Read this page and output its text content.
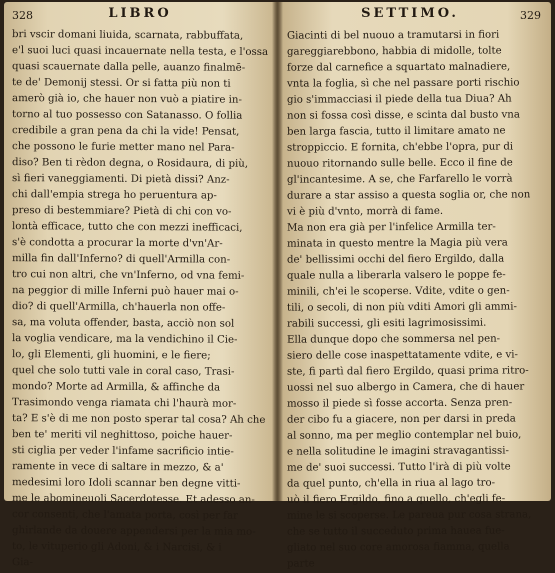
328	LIBRO
bri vscir domani liuida, scarnata, rabbuffata,
e'l suoi luci quasi incauernate nella testa, e l'ossa
quasi scauernate dalla pelle, auanzo finalmē-
te de' Demonij stessi. Or si fatta più non ti
amerò già io, che hauer non vuò a piatire in-
torno al tuo possesso con Satanasso. O follia
credibile a gran pena da chi la vide! Pensat,
che possono le furie metter mano nel Para-
diso? Ben ti rèdon degna, o Rosidaura, di più,
sì fieri vaneggiamenti. Di pietà dissi? Anz-
chi dall'empia strega ho peruentura ap-
preso di bestemmiare? Pietà di chi con vo-
lontà efficace, tutto che con mezzi inefficaci,
s'è condotta a procurar la morte d'vn'Ar-
milla fin dall'Inferno? di quell'Armilla con-
tro cui non altri, che vn'Inferno, od vna femi-
na peggior di mille Inferni può hauer mai o-
dio? di quell'Armilla, ch'hauerla non offe-
sa, ma voluta offender, basta, acciò non sol
la voglia vendicare, ma la vendichino il Cie-
lo, gli Elementi, gli huomini, e le fiere;
quel che solo tutti vale in coral caso, Trasi-
mondo? Morte ad Armilla, & affinche da
Trasimondo venga riamata chi l'haurà mor-
ta? E s'è di me non posto sperar tal cosa? Ah che
ben te' meriti vil neghittoso, poiche hauer-
sti ciglia per veder l'infame sacrificio intie-
ramente in vece di saltare in mezzo, & a'
medesimi loro Idoli scannar ben degne vitti-
me le abomineuoli Sacerdotesse. Et adesso an-
cor consenti, che l'amata porta, così per far
ghirlande da douere appendersi per la mia mo-
to, le vituperio gli Adoni, & i Narcisi, & i
Gia-
SETTIMO.	329
Giacinti di bel nuouo a tramutarsi in fiori
gareggiarebbono, habbia di midolle, tolte
forze dal carnefice a squartato malnadiere,
vnta la foglia, sì che nel passare porti rischio
gio s'immacciasi il piede della tua Diua? Ah
non si fossa così disse, e scinta dal busto vna
ben larga fascia, tutto il limitare amato ne
stroppiccio. E fornita, ch'ebbe l'opra, pur di
nuouo ritornando sulle belle. Ecco il fine de
gl'incantesime. A se, che Farfarello le vorrà
durare a star assiso a questa soglia or, che non
vi è più d'vnto, morrà di fame.
Ma non era già per l'infelice Armilla ter-
minata in questo mentre la Magia più vera
de' bellissimi occhi del fiero Ergildo, dalla
quale nulla a liberarla valsero le poppe fe-
minili, ch'ei le scoperse. Vdite, vdite o gen-
tili, o secoli, di non più vditi Amori gli ammi-
rabili successi, gli esiti lagrimosissimi.
Ella dunque dopo che sommersa nel pen-
siero delle cose inaspettatamente vdite, e vi-
ste, fi partì dal fiero Ergildo, quasi prima ritro-
uossi nel suo albergo in Camera, che di hauer
mosso il piede sì fosse accorta. Senza pren-
der cibo fu a giacere, non per darsi in preda
al sonno, ma per meglio contemplar nel buio,
e nella solitudine le imagini stravagantissi-
me de' suoi successi. Tutto l'irà di più volte
da quel punto, ch'ella in riua al lago tro-
uò il fiero Ergildo, fino a quello, ch'egli fe-
mine le si scoperse. Le pareua pur cosa strana,
che se tutto il succeduto prima hauea fue-
gliato nel suo core amorosa fiamma, quella
parte
